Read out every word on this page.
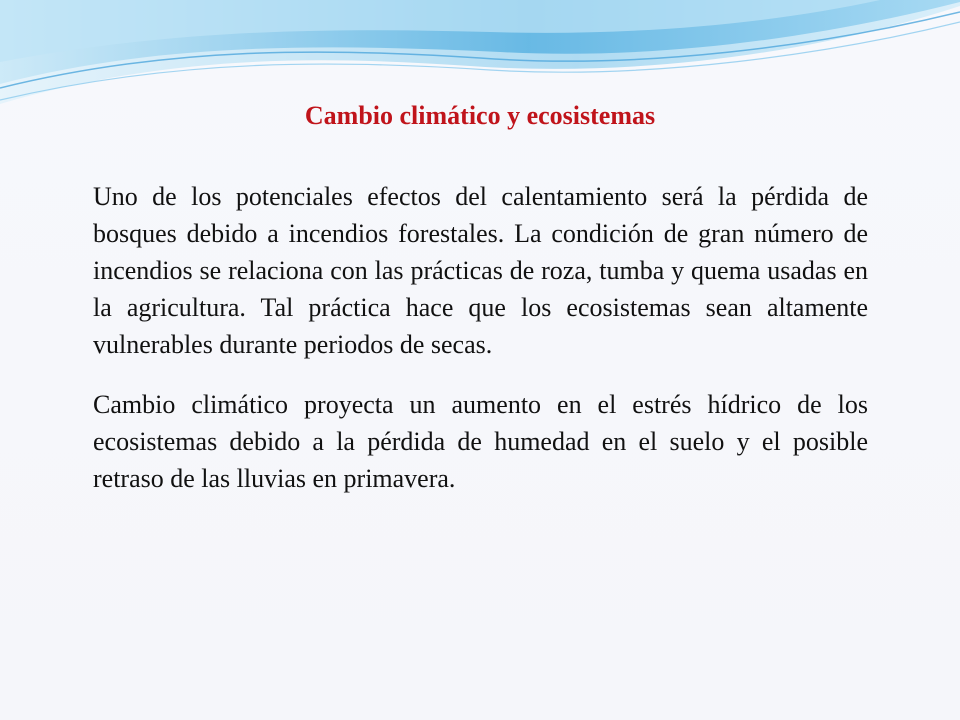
Cambio climático y ecosistemas

Uno de los potenciales efectos del calentamiento será la pérdida de bosques debido a incendios forestales. La condición de gran número de incendios se relaciona con las prácticas de roza, tumba y quema usadas en la agricultura. Tal práctica hace que los ecosistemas sean altamente vulnerables durante periodos de secas.

Cambio climático proyecta un aumento en el estrés hídrico de los ecosistemas debido a la pérdida de humedad en el suelo y el posible retraso de las lluvias en primavera.
